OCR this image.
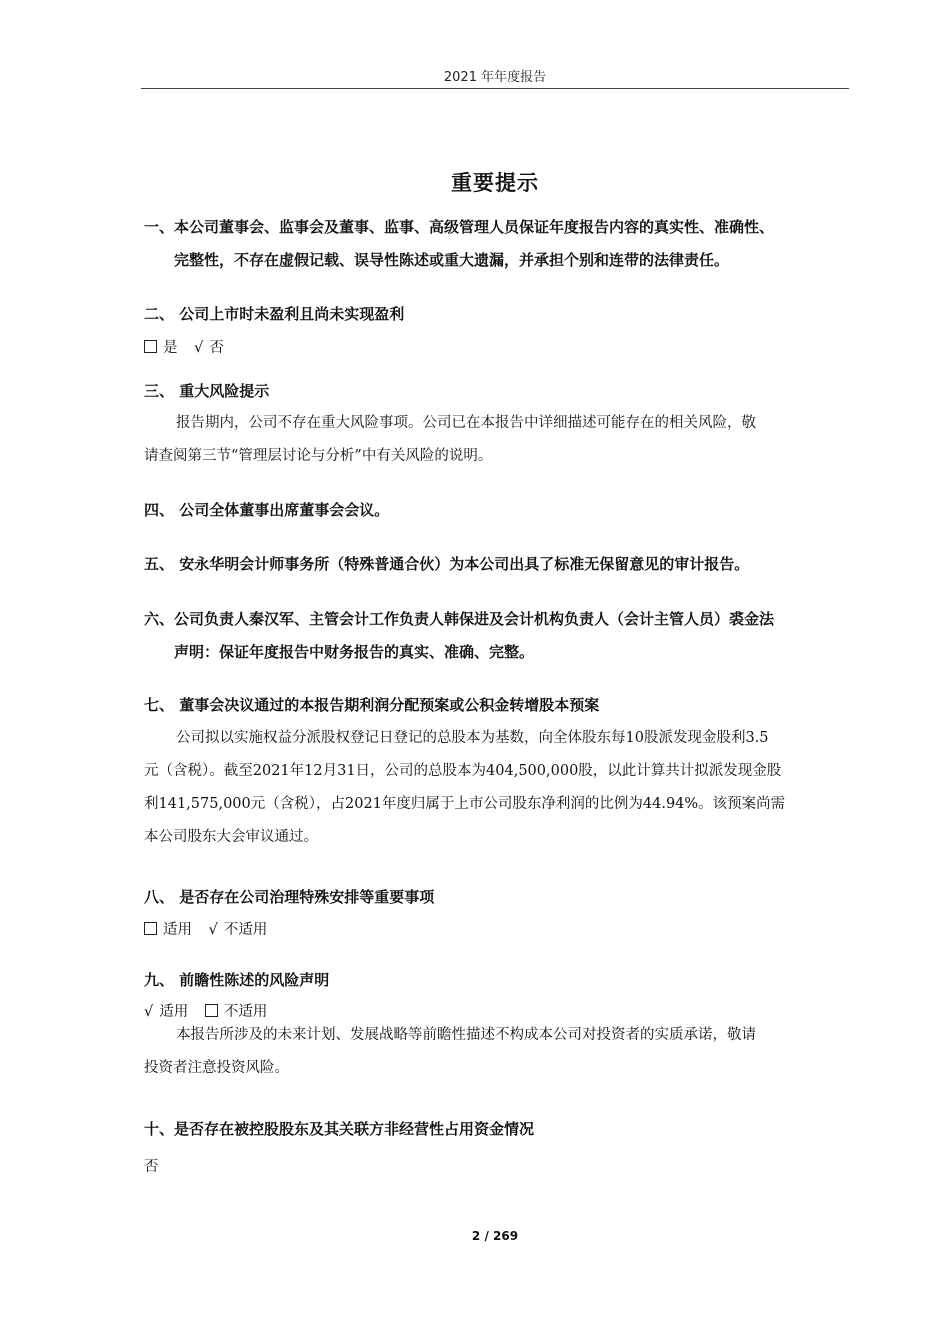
2021 年年度报告
重要提示
一、本公司董事会、监事会及董事、监事、高级管理人员保证年度报告内容的真实性、准确性、
完整性，不存在虚假记载、误导性陈述或重大遗漏，并承担个别和连带的法律责任。
二、 公司上市时未盈利且尚未实现盈利
是 √ 否
三、 重大风险提示
报告期内，公司不存在重大风险事项。公司已在本报告中详细描述可能存在的相关风险，敬
请查阅第三节“管理层讨论与分析”中有关风险的说明。
四、 公司全体董事出席董事会会议。
五、 安永华明会计师事务所（特殊普通合伙）为本公司出具了标准无保留意见的审计报告。
六、公司负责人秦汉军、主管会计工作负责人韩保进及会计机构负责人（会计主管人员）裘金法
声明：保证年度报告中财务报告的真实、准确、完整。
七、 董事会决议通过的本报告期利润分配预案或公积金转增股本预案
公司拟以实施权益分派股权登记日登记的总股本为基数，向全体股东每10股派发现金股利3.5
元（含税）。截至2021年12月31日，公司的总股本为404,500,000股，以此计算共计拟派发现金股
利141,575,000元（含税），占2021年度归属于上市公司股东净利润的比例为44.94%。该预案尚需
本公司股东大会审议通过。
八、 是否存在公司治理特殊安排等重要事项
适用 √ 不适用
九、 前瞻性陈述的风险声明
√ 适用 不适用
本报告所涉及的未来计划、发展战略等前瞻性描述不构成本公司对投资者的实质承诺，敬请
投资者注意投资风险。
十、是否存在被控股股东及其关联方非经营性占用资金情况
否
2 / 269
